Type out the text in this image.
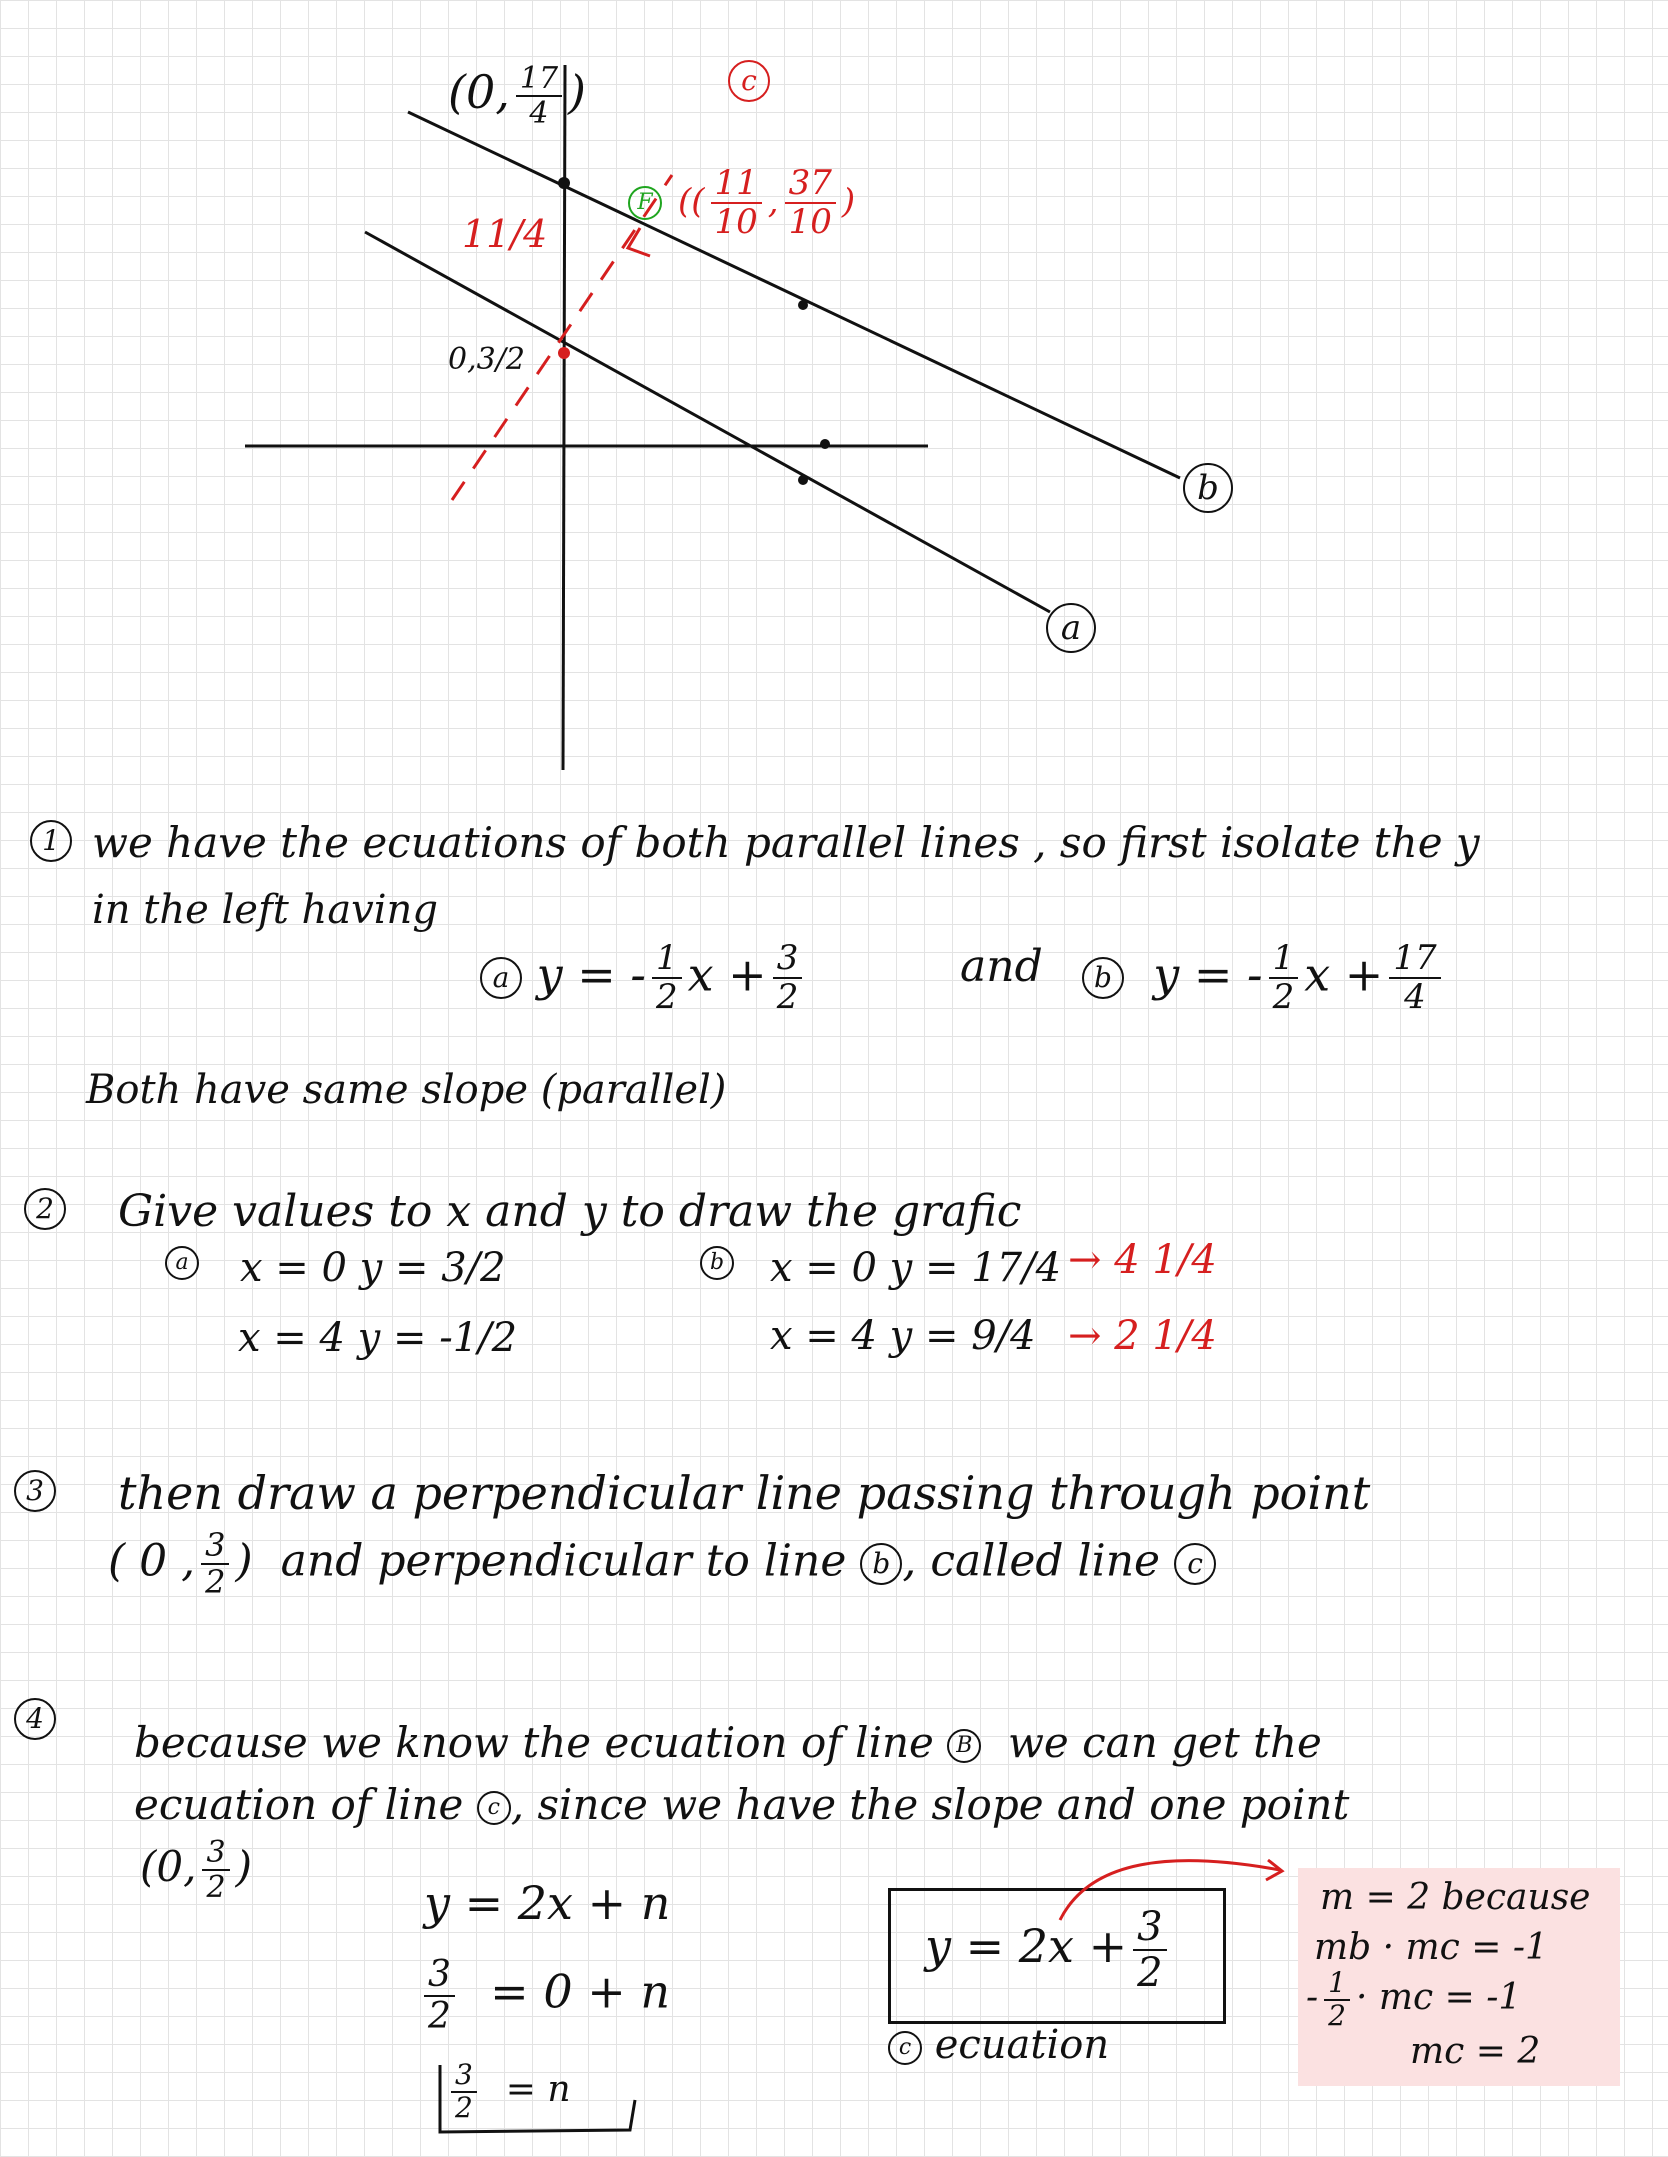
(0, $\frac{17}{4}$ )
11/4
0,3/2
c
F (( $\frac{11}{10}$ , $\frac{37}{10}$ )
b
a
1 we have the ecuations of both parallel lines , so first isolate the y
in the left having
a y = - $\frac{1}{2}$ $x + \frac{3}{2}$	and	b y = - $\frac{1}{2}$ $x + \frac{17}{4}$
Both have same slope (parallel)
2 Give values to x and y to draw the grafic
a x = 0 y = 3/2
x = 4 y = -1/2
b x = 0 y = 17/4 → 4 1/4
x = 4 y = 9/4 → 2 1/4
3 then draw a perpendicular line passing through point
( 0 , $\frac{3}{2}$ ) and perpendicular to line b , called line c
4 because we know the ecuation of line B we can get the
ecuation of line c , since we have the slope and one point
(0, $\frac{3}{2}$ )
y = 2x + n
$\frac{3}{2} = 0 + n$
$\frac{3}{2} = n$
$y = 2x + \frac{3}{2}$
c ecuation
m = 2 because
mb · mc = -1
- $\frac{1}{2}$ · mc = -1
mc = 2
